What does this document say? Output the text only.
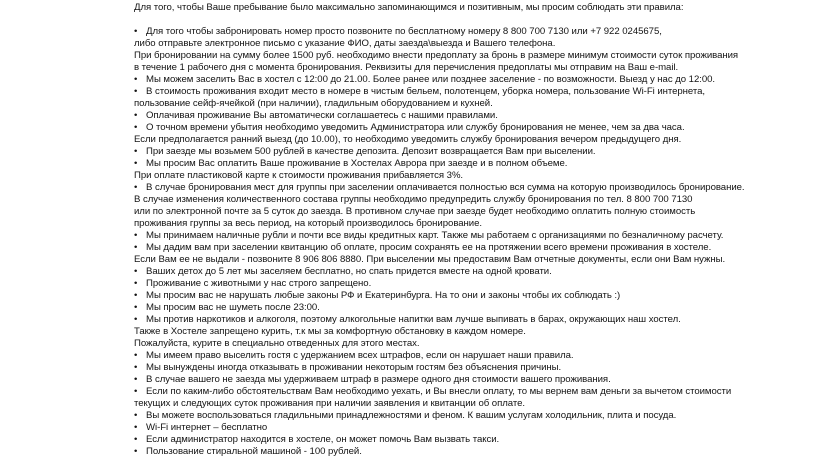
Для того, чтобы Ваше пребывание было максимально запоминающимся и позитивным, мы просим соблюдать эти правила:
• Для того чтобы забронировать номер просто позвоните по бесплатному номеру 8 800 700 7130 или +7 922 0245675,
либо отправьте электронное письмо с указание ФИО, даты заезда\выезда и Вашего телефона.
При бронировании на сумму более 1500 руб. необходимо внести предоплату за бронь в размере минимум стоимости суток проживания
в течение 1 рабочего дня с момента бронирования. Реквизиты для перечисления предоплаты мы отправим на Ваш e-mail.
• Мы можем заселить Вас в хостел с 12:00 до 21.00. Более ранее или позднее заселение - по возможности. Выезд у нас до 12:00.
• В стоимость проживания входит место в номере в чистым бельем, полотенцем, уборка номера, пользование Wi-Fi интернета,
пользование сейф-ячейкой (при наличии), гладильным оборудованием и кухней.
• Оплачивая проживание Вы автоматически соглашаетесь с нашими правилами.
• О точном времени убытия необходимо уведомить Администратора или службу бронирования не менее, чем за два часа.
Если предполагается ранний выезд (до 10.00), то необходимо уведомить службу бронирования вечером предыдущего дня.
• При заезде мы возьмем 500 рублей в качестве депозита. Депозит возвращается Вам при выселении.
• Мы просим Вас оплатить Ваше проживание в Хостелах Аврора при заезде и в полном объеме.
При оплате пластиковой карте к стоимости проживания прибавляется 3%.
• В случае бронирования мест для группы при заселении оплачивается полностью вся сумма на которую производилось бронирование.
В случае изменения количественного состава группы необходимо предупредить службу бронирования по тел. 8 800 700 7130
или по электронной почте за 5 суток до заезда. В противном случае при заезде будет необходимо оплатить полную стоимость
проживания группы за весь период, на который производилось бронирование.
• Мы принимаем наличные рубли и почти все виды кредитных карт. Также мы работаем с организациями по безналичному расчету.
• Мы дадим вам при заселении квитанцию об оплате, просим сохранять ее на протяжении всего времени проживания в хостеле.
Если Вам ее не выдали - позвоните 8 906 806 8880. При выселении мы предоставим Вам отчетные документы, если они Вам нужны.
• Ваших детох до 5 лет мы заселяем бесплатно, но спать придется вместе на одной кровати.
• Проживание с животными у нас строго запрещено.
• Мы просим вас не нарушать любые законы РФ и Екатеринбурга. На то они и законы чтобы их соблюдать :)
• Мы просим вас не шуметь после 23:00.
• Мы против наркотиков и алкоголя, поэтому алкогольные напитки вам лучше выпивать в барах, окружающих наш хостел.
Также в Хостеле запрещено курить, т.к мы за комфортную обстановку в каждом номере.
Пожалуйста, курите в специально отведенных для этого местах.
• Мы имеем право выселить гостя с удержанием всех штрафов, если он нарушает наши правила.
• Мы вынуждены иногда отказывать в проживании некоторым гостям без объяснения причины.
• В случае вашего не заезда мы удерживаем штраф в размере одного дня стоимости вашего проживания.
• Если по каким-либо обстоятельствам Вам необходимо уехать, и Вы внесли оплату, то мы вернем вам деньги за вычетом стоимости
текущих и следующих суток проживания при наличии заявления и квитанции об оплате.
• Вы можете воспользоваться гладильными принадлежностями и феном. К вашим услугам холодильник, плита и посуда.
• Wi-Fi интернет – бесплатно
• Если администратор находится в хостеле, он может помочь Вам вызвать такси.
• Пользование стиральной машиной - 100 рублей.
